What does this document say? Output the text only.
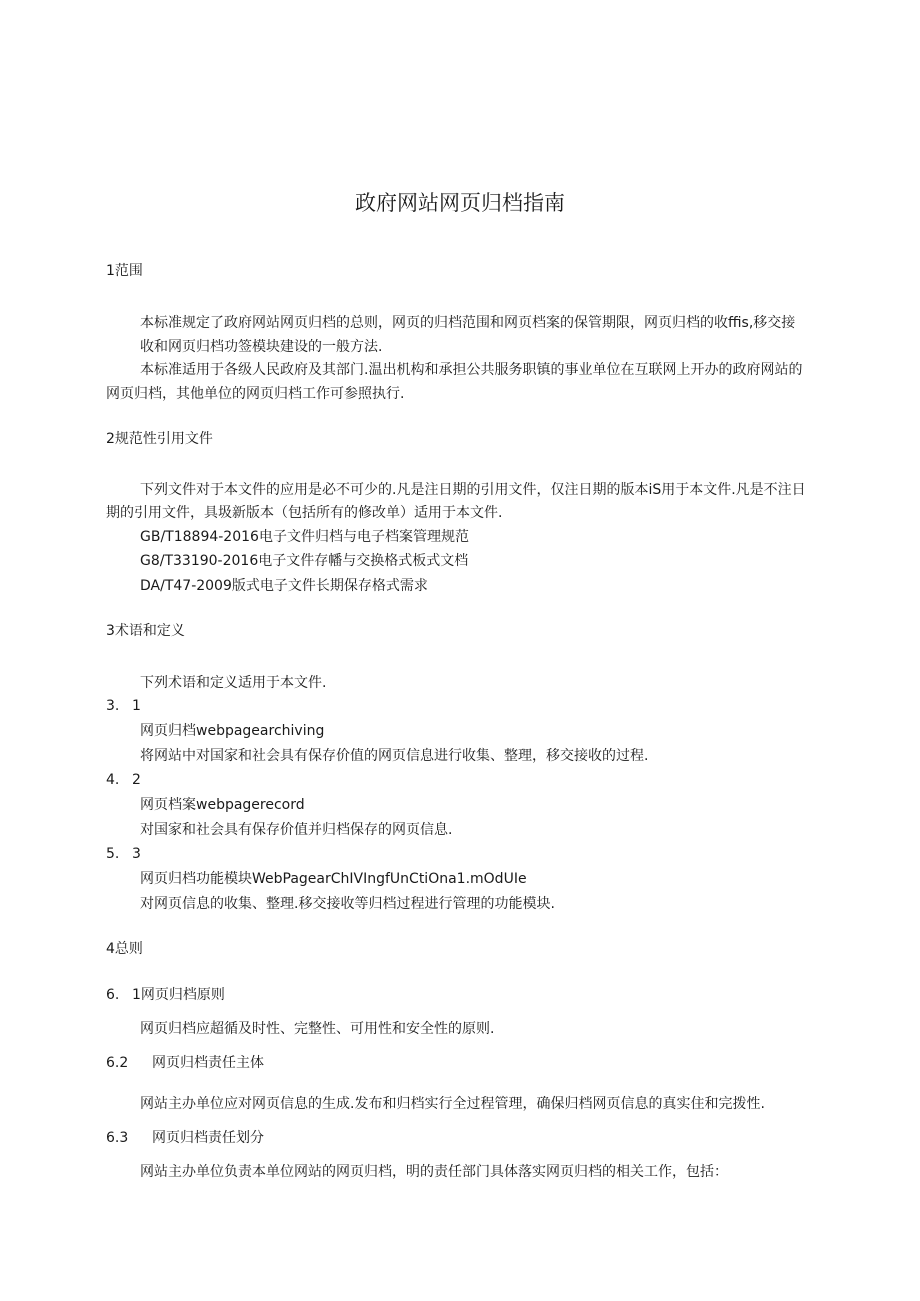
政府网站网页归档指南
1范围
本标准规定了政府网站网页归档的总则，网页的归档范围和网页档案的保管期限，网页归档的收ffis,移交接
收和网页归档功签模块建设的一般方法.
本标准适用于各级人民政府及其部门.温出机构和承担公共服务职镇的事业单位在互联网上开办的政府网站的
网页归档，其他单位的网页归档工作可参照执行.
2规范性引用文件
下列文件对于本文件的应用是必不可少的.凡是注日期的引用文件，仅注日期的版本iS用于本文件.凡是不注日
期的引用文件，具圾新版本（包括所有的修改单）适用于本文件.
GB/T18894-2016电子文件归档与电子档案管理规范
G8/T33190-2016电子文件存幡与交换格式板式文档
DA/T47-2009版式电子文件长期保存格式需求
3术语和定义
下列术语和定义适用于本文件.
3. 1
网页归档webpagearchiving
将网站中对国家和社会具有保存价值的网页信息进行收集、整理，移交接收的过程.
4. 2
网页档案webpagerecord
对国家和社会具有保存价值并归档保存的网页信息.
5. 3
网页归档功能模块WebPagearChIVIngfUnCtiOna1.mOdUIe
对网页信息的收集、整理.移交接收等归档过程进行管理的功能模块.
4总则
6. 1网页归档原则
网页归档应超循及时性、完整性、可用性和安全性的原则.
6.2 网页归档责任主体
网站主办单位应对网页信息的生成.发布和归档实行全过程管理，确保归档网页信息的真实住和完拨性.
6.3 网页归档责任划分
网站主办单位负责本单位网站的网页归档，明的责任部门具体落实网页归档的相关工作，包括：
